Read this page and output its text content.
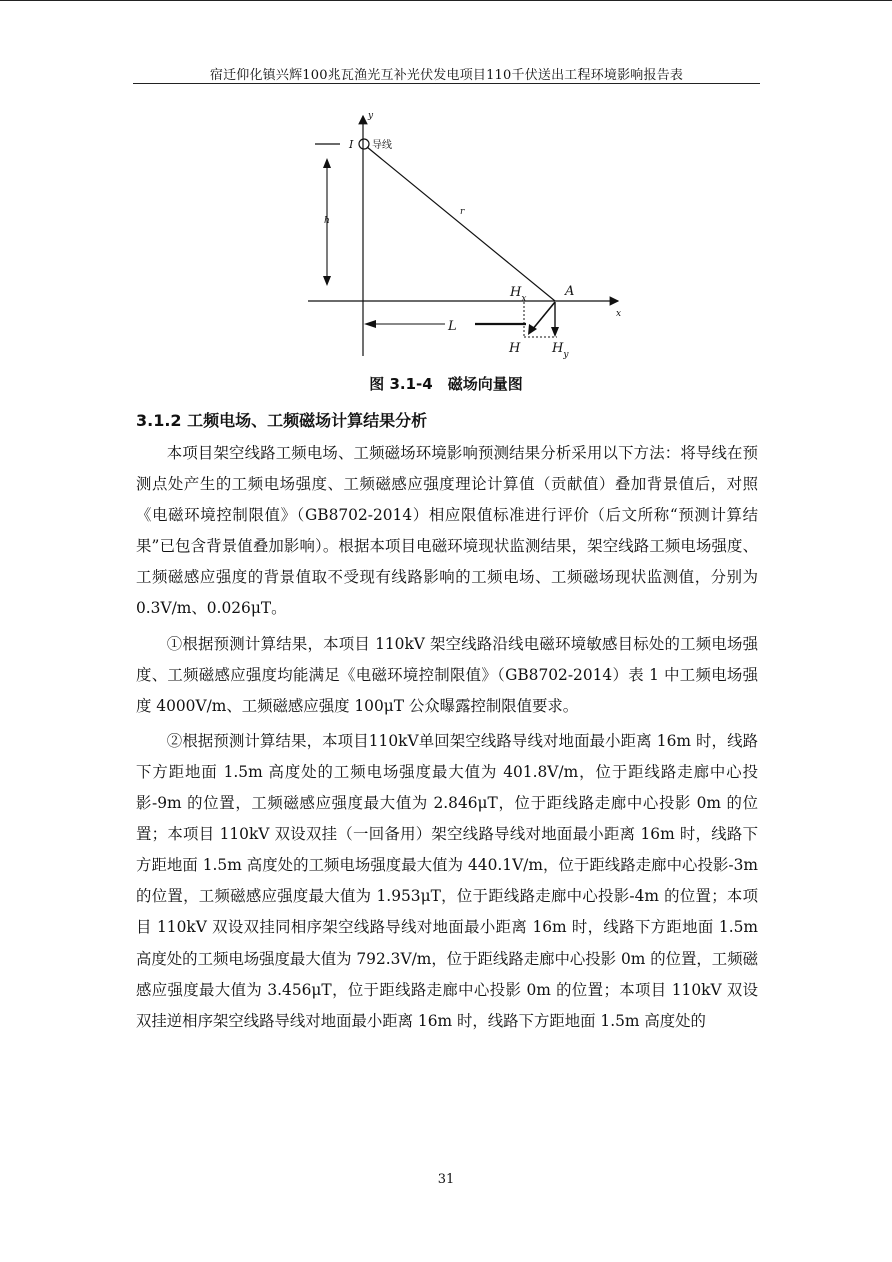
宿迁仰化镇兴辉100兆瓦渔光互补光伏发电项目110千伏送出工程环境影响报告表
y
x
I 导线
h
r
A
$H_x$
L
H $H_y$
图 3.1-4　磁场向量图
3.1.2 工频电场、工频磁场计算结果分析

本项目架空线路工频电场、工频磁场环境影响预测结果分析采用以下方法：将导线在预测点处产生的工频电场强度、工频磁感应强度理论计算值（贡献值）叠加背景值后，对照《电磁环境控制限值》（GB8702-2014）相应限值标准进行评价（后文所称“预测计算结果”已包含背景值叠加影响）。根据本项目电磁环境现状监测结果，架空线路工频电场强度、工频磁感应强度的背景值取不受现有线路影响的工频电场、工频磁场现状监测值，分别为0.3V/m、0.026μT。

①根据预测计算结果，本项目 110kV 架空线路沿线电磁环境敏感目标处的工频电场强度、工频磁感应强度均能满足《电磁环境控制限值》（GB8702-2014）表 1 中工频电场强度 4000V/m、工频磁感应强度 100μT 公众曝露控制限值要求。

②根据预测计算结果，本项目110kV单回架空线路导线对地面最小距离 16m 时，线路下方距地面 1.5m 高度处的工频电场强度最大值为 401.8V/m，位于距线路走廊中心投影-9m 的位置，工频磁感应强度最大值为 2.846μT，位于距线路走廊中心投影 0m 的位置；本项目 110kV 双设双挂（一回备用）架空线路导线对地面最小距离 16m 时，线路下方距地面 1.5m 高度处的工频电场强度最大值为 440.1V/m，位于距线路走廊中心投影-3m 的位置，工频磁感应强度最大值为 1.953μT，位于距线路走廊中心投影-4m 的位置；本项目 110kV 双设双挂同相序架空线路导线对地面最小距离 16m 时，线路下方距地面 1.5m 高度处的工频电场强度最大值为 792.3V/m，位于距线路走廊中心投影 0m 的位置，工频磁感应强度最大值为 3.456μT，位于距线路走廊中心投影 0m 的位置；本项目 110kV 双设双挂逆相序架空线路导线对地面最小距离 16m 时，线路下方距地面 1.5m 高度处的

31
